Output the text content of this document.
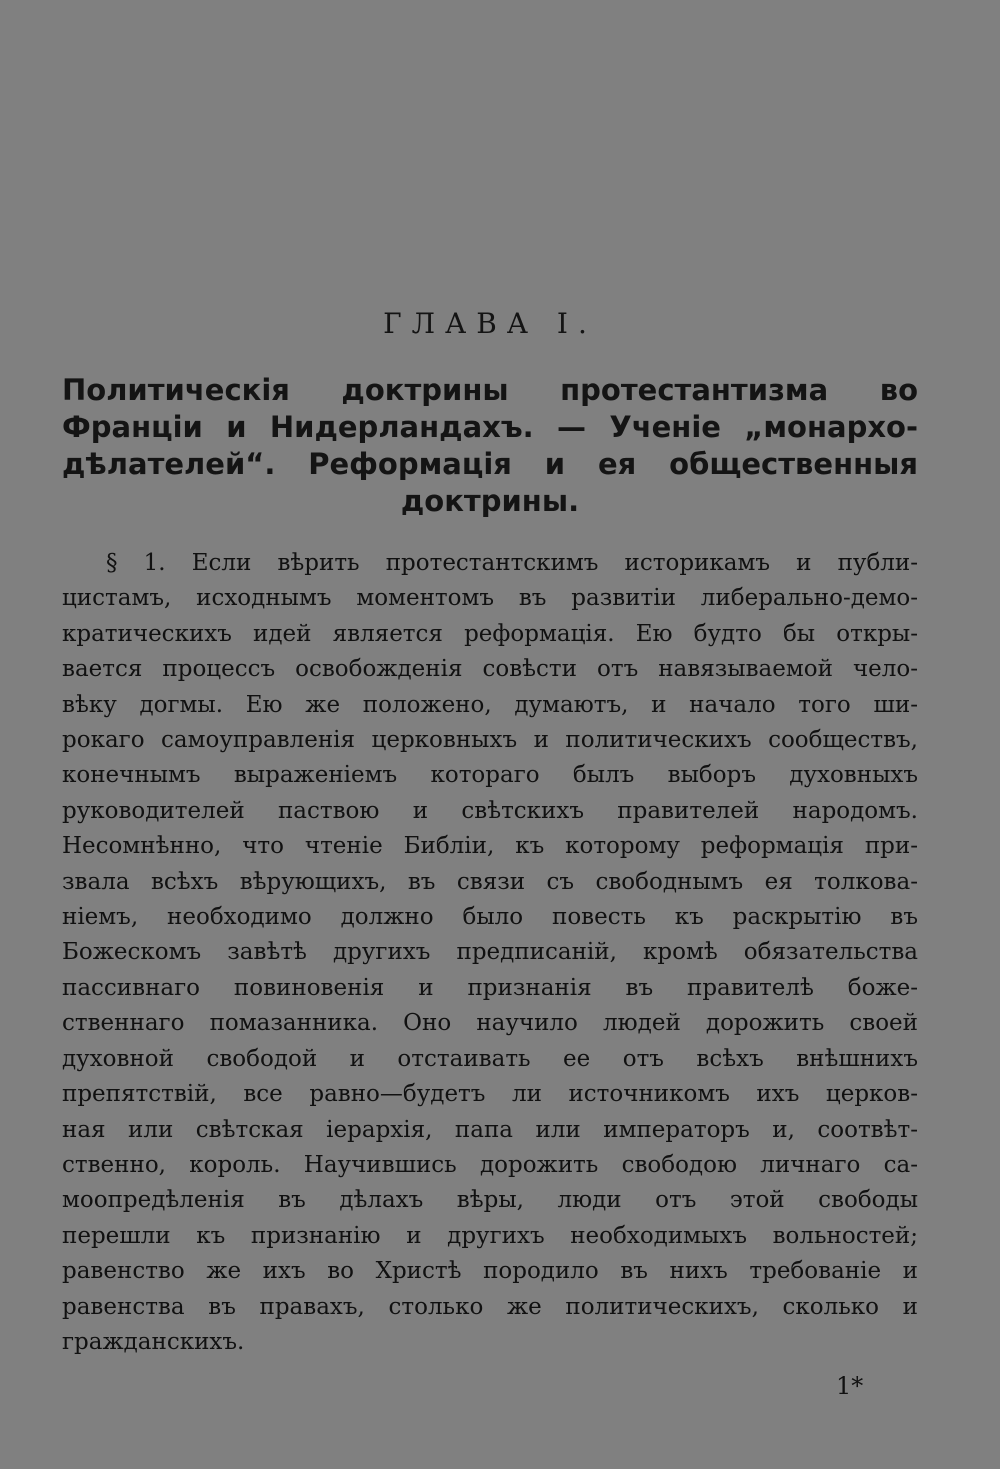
ГЛАВА I.
Политическія доктрины протестантизма во
Франціи и Нидерландахъ. — Ученіе „монархо-
дѣлателей“. Реформація и ея общественныя
доктрины.
§ 1. Если вѣрить протестантскимъ историкамъ и публи-
цистамъ, исходнымъ моментомъ въ развитіи либерально-демо-
кратическихъ идей является реформація. Ею будто бы откры-
вается процессъ освобожденія совѣсти отъ навязываемой чело-
вѣку догмы. Ею же положено, думаютъ, и начало того ши-
рокаго самоуправленія церковныхъ и политическихъ сообществъ,
конечнымъ выраженіемъ котораго былъ выборъ духовныхъ
руководителей паствою и свѣтскихъ правителей народомъ.
Несомнѣнно, что чтеніе Библіи, къ которому реформація при-
звала всѣхъ вѣрующихъ, въ связи съ свободнымъ ея толкова-
ніемъ, необходимо должно было повесть къ раскрытію въ
Божескомъ завѣтѣ другихъ предписаній, кромѣ обязательства
пассивнаго повиновенія и признанія въ правителѣ боже-
ственнаго помазанника. Оно научило людей дорожить своей
духовной свободой и отстаивать ее отъ всѣхъ внѣшнихъ
препятствій, все равно—будетъ ли источникомъ ихъ церков-
ная или свѣтская іерархія, папа или императоръ и, соотвѣт-
ственно, король. Научившись дорожить свободою личнаго са-
моопредѣленія въ дѣлахъ вѣры, люди отъ этой свободы
перешли къ признанію и другихъ необходимыхъ вольностей;
равенство же ихъ во Христѣ породило въ нихъ требованіе и
равенства въ правахъ, столько же политическихъ, сколько и
гражданскихъ.
1*
